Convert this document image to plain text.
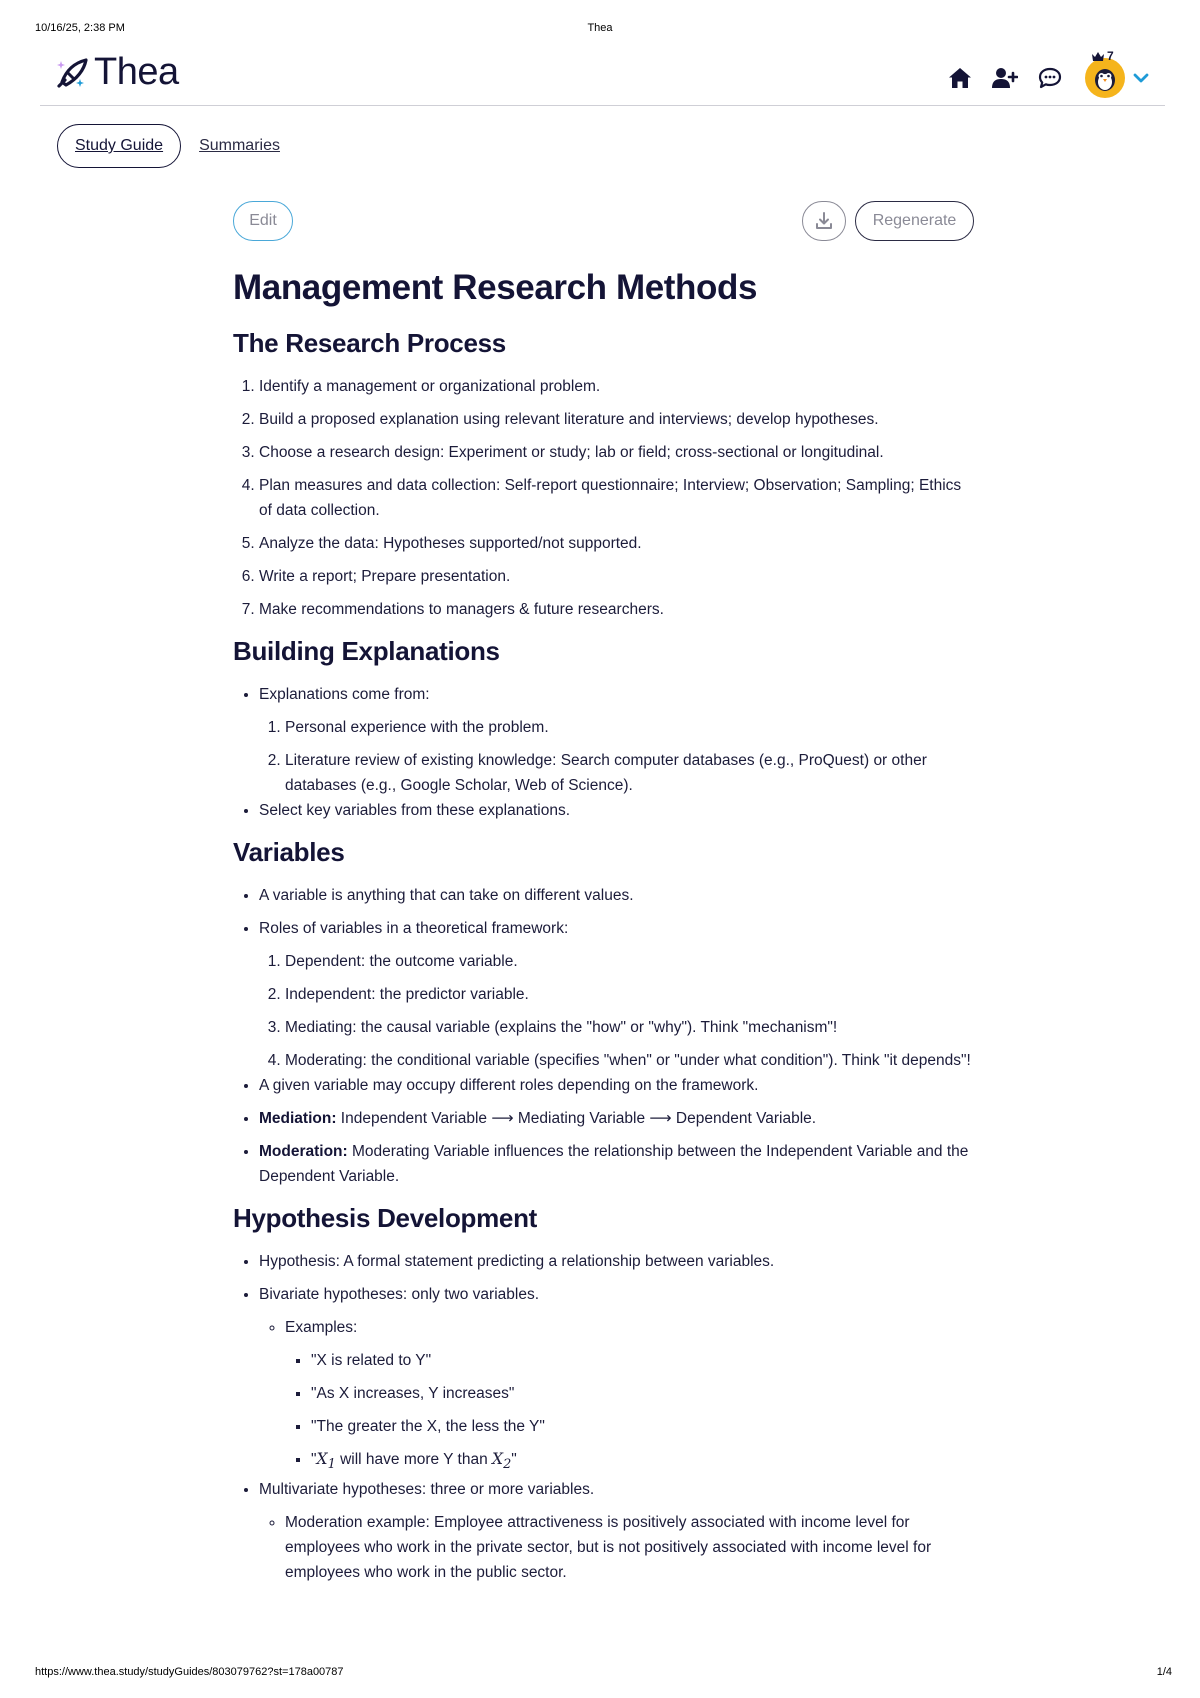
10/16/25, 2:38 PM	Thea
Thea	7
Study Guide	Summaries
Edit	Regenerate
Management Research Methods
The Research Process
1. Identify a management or organizational problem.
2. Build a proposed explanation using relevant literature and interviews; develop hypotheses.
3. Choose a research design: Experiment or study; lab or field; cross-sectional or longitudinal.
4. Plan measures and data collection: Self-report questionnaire; Interview; Observation; Sampling; Ethics of data collection.
5. Analyze the data: Hypotheses supported/not supported.
6. Write a report; Prepare presentation.
7. Make recommendations to managers & future researchers.
Building Explanations
• Explanations come from:
1. Personal experience with the problem.
2. Literature review of existing knowledge: Search computer databases (e.g., ProQuest) or other databases (e.g., Google Scholar, Web of Science).
• Select key variables from these explanations.
Variables
• A variable is anything that can take on different values.
• Roles of variables in a theoretical framework:
1. Dependent: the outcome variable.
2. Independent: the predictor variable.
3. Mediating: the causal variable (explains the "how" or "why"). Think "mechanism"!
4. Moderating: the conditional variable (specifies "when" or "under what condition"). Think "it depends"!
• A given variable may occupy different roles depending on the framework.
• Mediation: Independent Variable ⟶ Mediating Variable ⟶ Dependent Variable.
• Moderation: Moderating Variable influences the relationship between the Independent Variable and the Dependent Variable.
Hypothesis Development
• Hypothesis: A formal statement predicting a relationship between variables.
• Bivariate hypotheses: only two variables.
◦ Examples:
▪ "X is related to Y"
▪ "As X increases, Y increases"
▪ "The greater the X, the less the Y"
▪ "$X_1$ will have more Y than $X_2$"
• Multivariate hypotheses: three or more variables.
◦ Moderation example: Employee attractiveness is positively associated with income level for employees who work in the private sector, but is not positively associated with income level for employees who work in the public sector.
https://www.thea.study/studyGuides/803079762?st=178a00787	1/4
